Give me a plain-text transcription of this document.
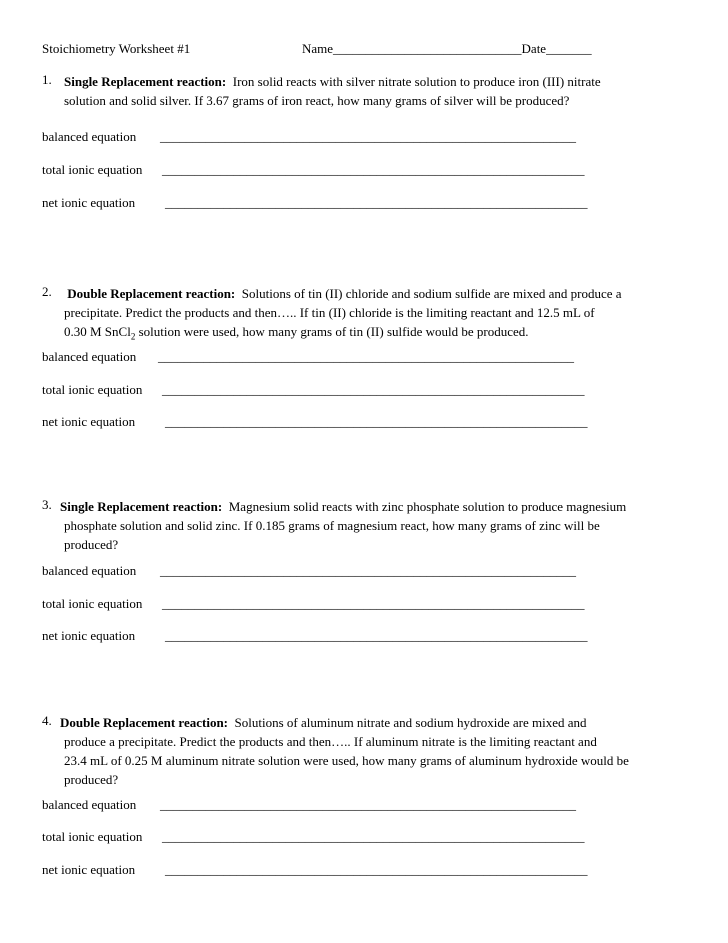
Stoichiometry Worksheet #1	Name_____________________________Date_______
1. Single Replacement reaction: Iron solid reacts with silver nitrate solution to produce iron (III) nitrate
solution and solid silver. If 3.67 grams of iron react, how many grams of silver will be produced?
balanced equation ________________________________________________________________
total ionic equation _________________________________________________________________
net ionic equation _________________________________________________________________
2. Double Replacement reaction: Solutions of tin (II) chloride and sodium sulfide are mixed and produce a
precipitate. Predict the products and then….. If tin (II) chloride is the limiting reactant and 12.5 mL of
0.30 M SnCl$_2$ solution were used, how many grams of tin (II) sulfide would be produced.
balanced equation ________________________________________________________________
total ionic equation _________________________________________________________________
net ionic equation _________________________________________________________________
3. Single Replacement reaction: Magnesium solid reacts with zinc phosphate solution to produce magnesium
phosphate solution and solid zinc. If 0.185 grams of magnesium react, how many grams of zinc will be
produced?
balanced equation ________________________________________________________________
total ionic equation _________________________________________________________________
net ionic equation _________________________________________________________________
4. Double Replacement reaction: Solutions of aluminum nitrate and sodium hydroxide are mixed and
produce a precipitate. Predict the products and then….. If aluminum nitrate is the limiting reactant and
23.4 mL of 0.25 M aluminum nitrate solution were used, how many grams of aluminum hydroxide would be
produced?
balanced equation ________________________________________________________________
total ionic equation _________________________________________________________________
net ionic equation _________________________________________________________________
